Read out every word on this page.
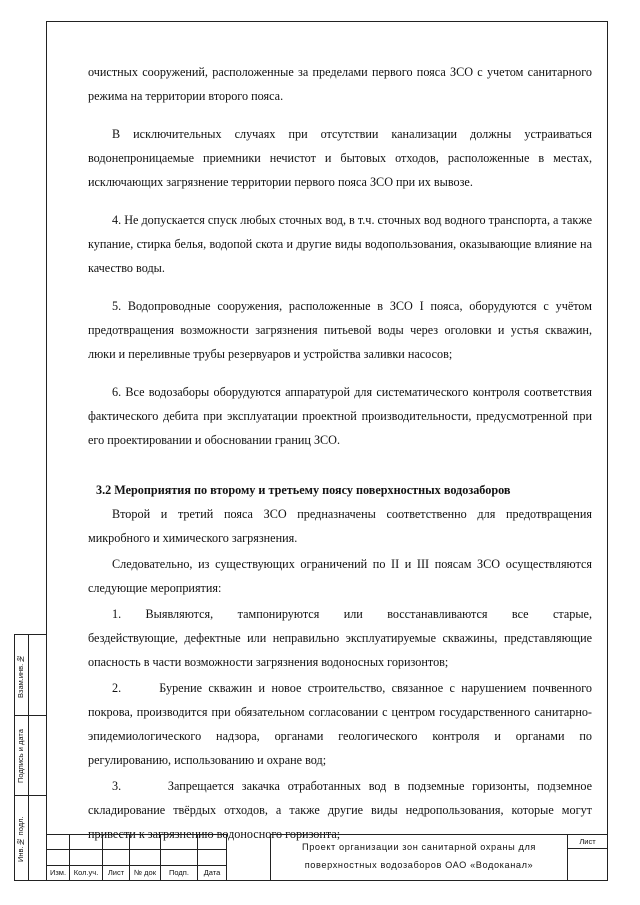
очистных сооружений, расположенные за пределами первого пояса ЗСО с учетом санитарного режима на территории второго пояса.

В исключительных случаях при отсутствии канализации должны устраиваться водонепроницаемые приемники нечистот и бытовых отходов, расположенные в местах, исключающих загрязнение территории первого пояса ЗСО при их вывозе.

4. Не допускается спуск любых сточных вод, в т.ч. сточных вод водного транспорта, а также купание, стирка белья, водопой скота и другие виды водопользования, оказывающие влияние на качество воды.

5. Водопроводные сооружения, расположенные в ЗСО I пояса, оборудуются с учётом предотвращения возможности загрязнения питьевой воды через оголовки и устья скважин, люки и переливные трубы резервуаров и устройства заливки насосов;

6. Все водозаборы оборудуются аппаратурой для систематического контроля соответствия фактического дебита при эксплуатации проектной производительности, предусмотренной при его проектировании и обосновании границ ЗСО.

3.2 Мероприятия по второму и третьему поясу поверхностных водозаборов

Второй и третий пояса ЗСО предназначены соответственно для предотвращения микробного и химического загрязнения.

Следовательно, из существующих ограничений по II и III поясам ЗСО осуществляются следующие мероприятия:

1.      Выявляются,      тампонируются      или      восстанавливаются      все      старые, бездействующие, дефектные или неправильно эксплуатируемые скважины, представляющие опасность в части возможности загрязнения водоносных горизонтов;

2.      Бурение скважин и новое строительство, связанное с нарушением почвенного покрова, производится при обязательном согласовании с центром государственного санитарно-эпидемиологического надзора, органами геологического контроля и органами по регулированию, использованию и охране вод;

3.      Запрещается закачка отработанных вод в подземные горизонты, подземное складирование твёрдых отходов, а также другие виды недропользования, которые могут привести к загрязнению водоносного горизонта;

Взам.инв.№
Подпись и дата
Инв.№ подл.

Изм.	Кол.уч.	Лист	№ док	Подп.	Дата
Проект организации зон санитарной охраны для
поверхностных водозаборов ОАО «Водоканал»
Лист
